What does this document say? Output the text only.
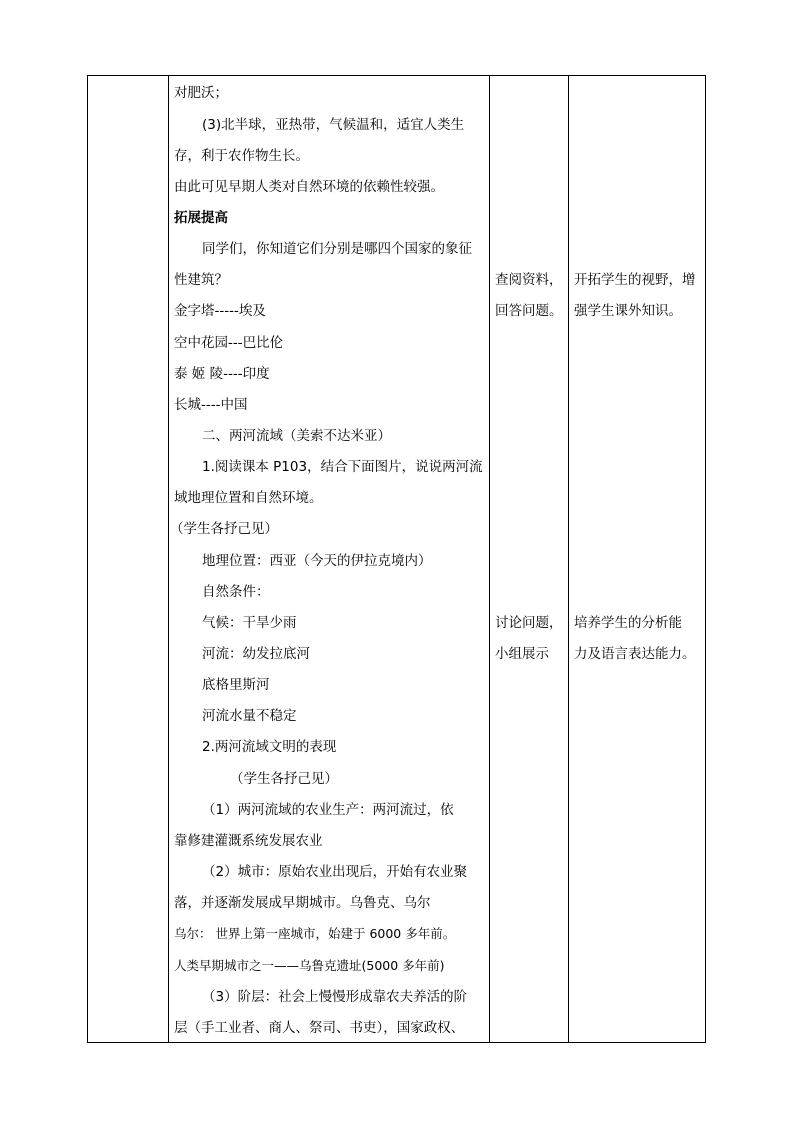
对肥沃；
(3)北半球，亚热带，气候温和，适宜人类生
存，利于农作物生长。
由此可见早期人类对自然环境的依赖性较强。
拓展提高
同学们，你知道它们分别是哪四个国家的象征
性建筑？
金字塔-----埃及
空中花园---巴比伦
泰 姬 陵----印度
长城----中国
二、两河流域（美索不达米亚）
1.阅读课本 P103，结合下面图片，说说两河流
域地理位置和自然环境。
（学生各抒己见）
地理位置：西亚（今天的伊拉克境内）
自然条件：
气候：干旱少雨
河流：幼发拉底河
底格里斯河
河流水量不稳定
2.两河流域文明的表现
（学生各抒己见）
（1）两河流域的农业生产：两河流过，依
靠修建灌溉系统发展农业
（2）城市：原始农业出现后，开始有农业聚
落，并逐渐发展成早期城市。乌鲁克、乌尔
乌尔： 世界上第一座城市，始建于 6000 多年前。
人类早期城市之一——乌鲁克遗址(5000 多年前)
（3）阶层：社会上慢慢形成靠农夫养活的阶
层（手工业者、商人、祭司、书吏），国家政权、
查阅资料，
回答问题。
讨论问题，
小组展示
开拓学生的视野，增
强学生课外知识。
培养学生的分析能
力及语言表达能力。
